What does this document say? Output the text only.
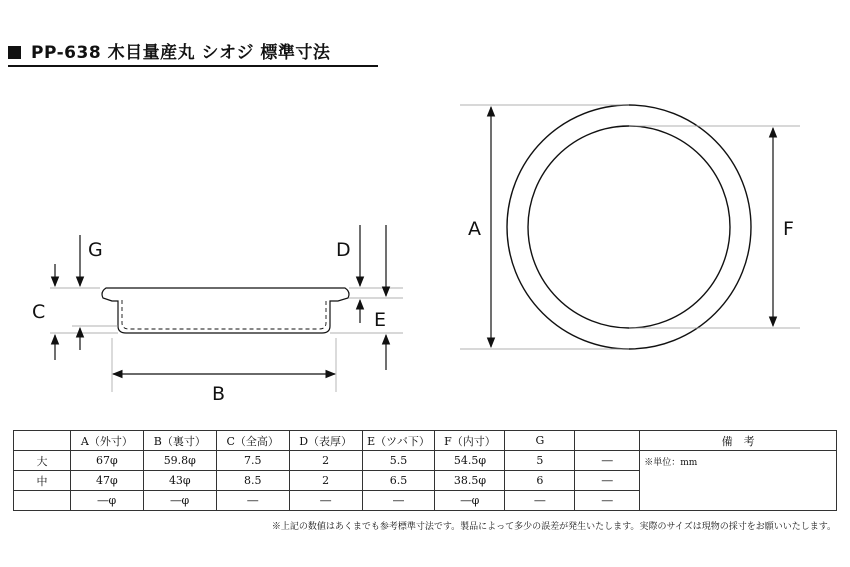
PP-638 木目量産丸 シオジ 標準寸法
G
C
D
E
B
A	F
	A（外寸）	B（裏寸）	C（全高）	D（表厚）	E（ツバ下）	F（内寸）	G		備　考
大	67φ	59.8φ	7.5	2	5.5	54.5φ	5	―	※単位：mm
中	47φ	43φ	8.5	2	6.5	38.5φ	6	―	
	―φ	―φ	―	―	―	―φ	―	―	
※上記の数値はあくまでも参考標準寸法です。製品によって多少の誤差が発生いたします。実際のサイズは現物の採寸をお願いいたします。
